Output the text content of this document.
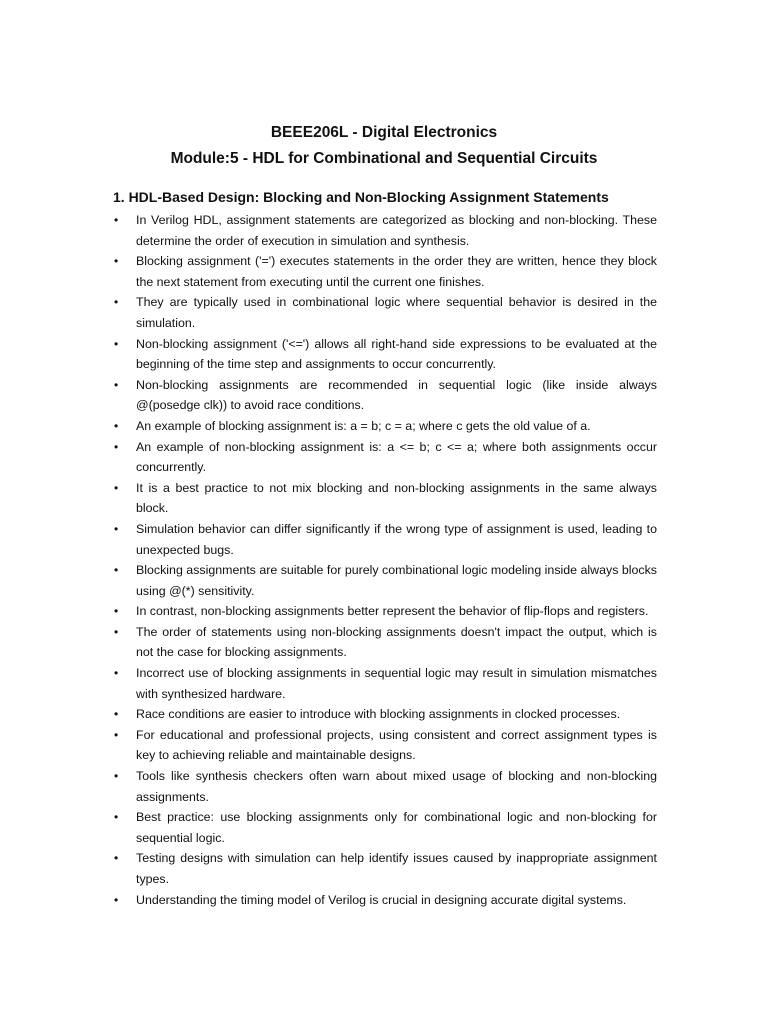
BEEE206L - Digital Electronics
Module:5 - HDL for Combinational and Sequential Circuits
1. HDL-Based Design: Blocking and Non-Blocking Assignment Statements
• In Verilog HDL, assignment statements are categorized as blocking and non-blocking. These determine the order of execution in simulation and synthesis.
• Blocking assignment ('=') executes statements in the order they are written, hence they block the next statement from executing until the current one finishes.
• They are typically used in combinational logic where sequential behavior is desired in the simulation.
• Non-blocking assignment ('<=') allows all right-hand side expressions to be evaluated at the beginning of the time step and assignments to occur concurrently.
• Non-blocking assignments are recommended in sequential logic (like inside always @(posedge clk)) to avoid race conditions.
• An example of blocking assignment is: a = b; c = a; where c gets the old value of a.
• An example of non-blocking assignment is: a <= b; c <= a; where both assignments occur concurrently.
• It is a best practice to not mix blocking and non-blocking assignments in the same always block.
• Simulation behavior can differ significantly if the wrong type of assignment is used, leading to unexpected bugs.
• Blocking assignments are suitable for purely combinational logic modeling inside always blocks using @(*) sensitivity.
• In contrast, non-blocking assignments better represent the behavior of flip-flops and registers.
• The order of statements using non-blocking assignments doesn't impact the output, which is not the case for blocking assignments.
• Incorrect use of blocking assignments in sequential logic may result in simulation mismatches with synthesized hardware.
• Race conditions are easier to introduce with blocking assignments in clocked processes.
• For educational and professional projects, using consistent and correct assignment types is key to achieving reliable and maintainable designs.
• Tools like synthesis checkers often warn about mixed usage of blocking and non-blocking assignments.
• Best practice: use blocking assignments only for combinational logic and non-blocking for sequential logic.
• Testing designs with simulation can help identify issues caused by inappropriate assignment types.
• Understanding the timing model of Verilog is crucial in designing accurate digital systems.
